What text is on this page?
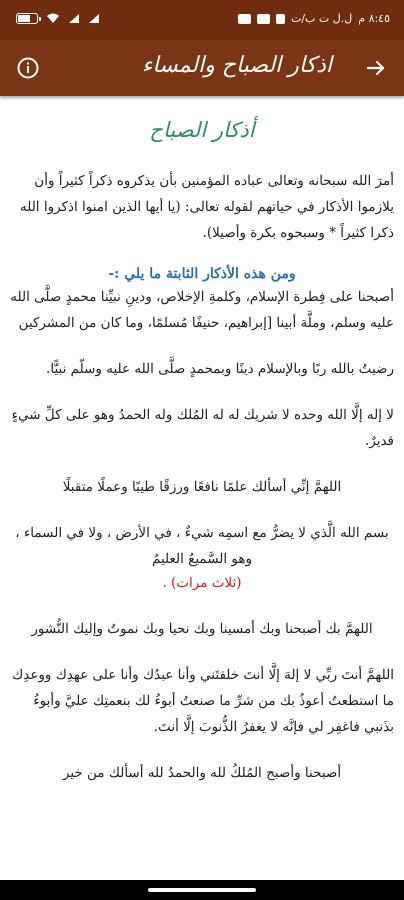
ل.ل ت ب/ت ٨:٤٥ م
اذكار الصباح والمساء
أذكار الصباح

أمرَ الله سبحانه وتعالى عباده المؤمنين بأن يذكروه ذكراً كثيراً وأن يلازموا الأذكار في حياتهم لقوله تعالى: (يا أيها الذين امنوا اذكروا الله ذكرا كثيراً * وسبحوه بكرة وأصيلا).

ومن هذه الأذكار الثابتة ما يلي :-

أصبحنا على فِطرة الإسلام، وكلمةِ الإخلاص، ودينِ نبيِّنا محمدٍ صلَّى الله عليه وسلم، وملَّة أبينا [إبراهيم، حنيفًا مُسلمًا، وما كان من المشركين

رضيتُ بالله ربًا وبالإسلام دينًا وبمحمدٍ صلَّى الله عليه وسلّم نبيًّا.

لا إله إلَّا الله وحده لا شريك له له المُلك وله الحمدُ وهو على كلِّ شيءٍ قديرٌ.

اللهمَّ إنِّي أسألك علمًا نافعًا ورزقًا طيبًا وعملًا متقبلًا

بسم الله الَّذي لا يضرُّ مع اسمِه شيءٌ ، في الأرض ، ولا في السماء ، وهو السَّميعُ العليمُ
(ثلاث مرات) .

اللهمَّ بك أصبحنا وبك أمسينا وبك نحيا وبك نموتُ وإليك النُّشور

اللهمَّ أنتَ ربِّي لا إلهَ إلَّا أنتَ خلقتَني وأنا عبدُك وأنا على عهدِك ووعدِك ما استطعتُ أعوذُ بك من شرِّ ما صنعتُ أبوءُ لك بنعمتِك عليَّ وأبوءُ بذَنبي فاغفِر لي فإنَّه لا يغفرُ الذُّنوبَ إلَّا أنتَ.

أصبحنا وأصبح المُلكُ لله والحمدُ لله أسألك من خير
